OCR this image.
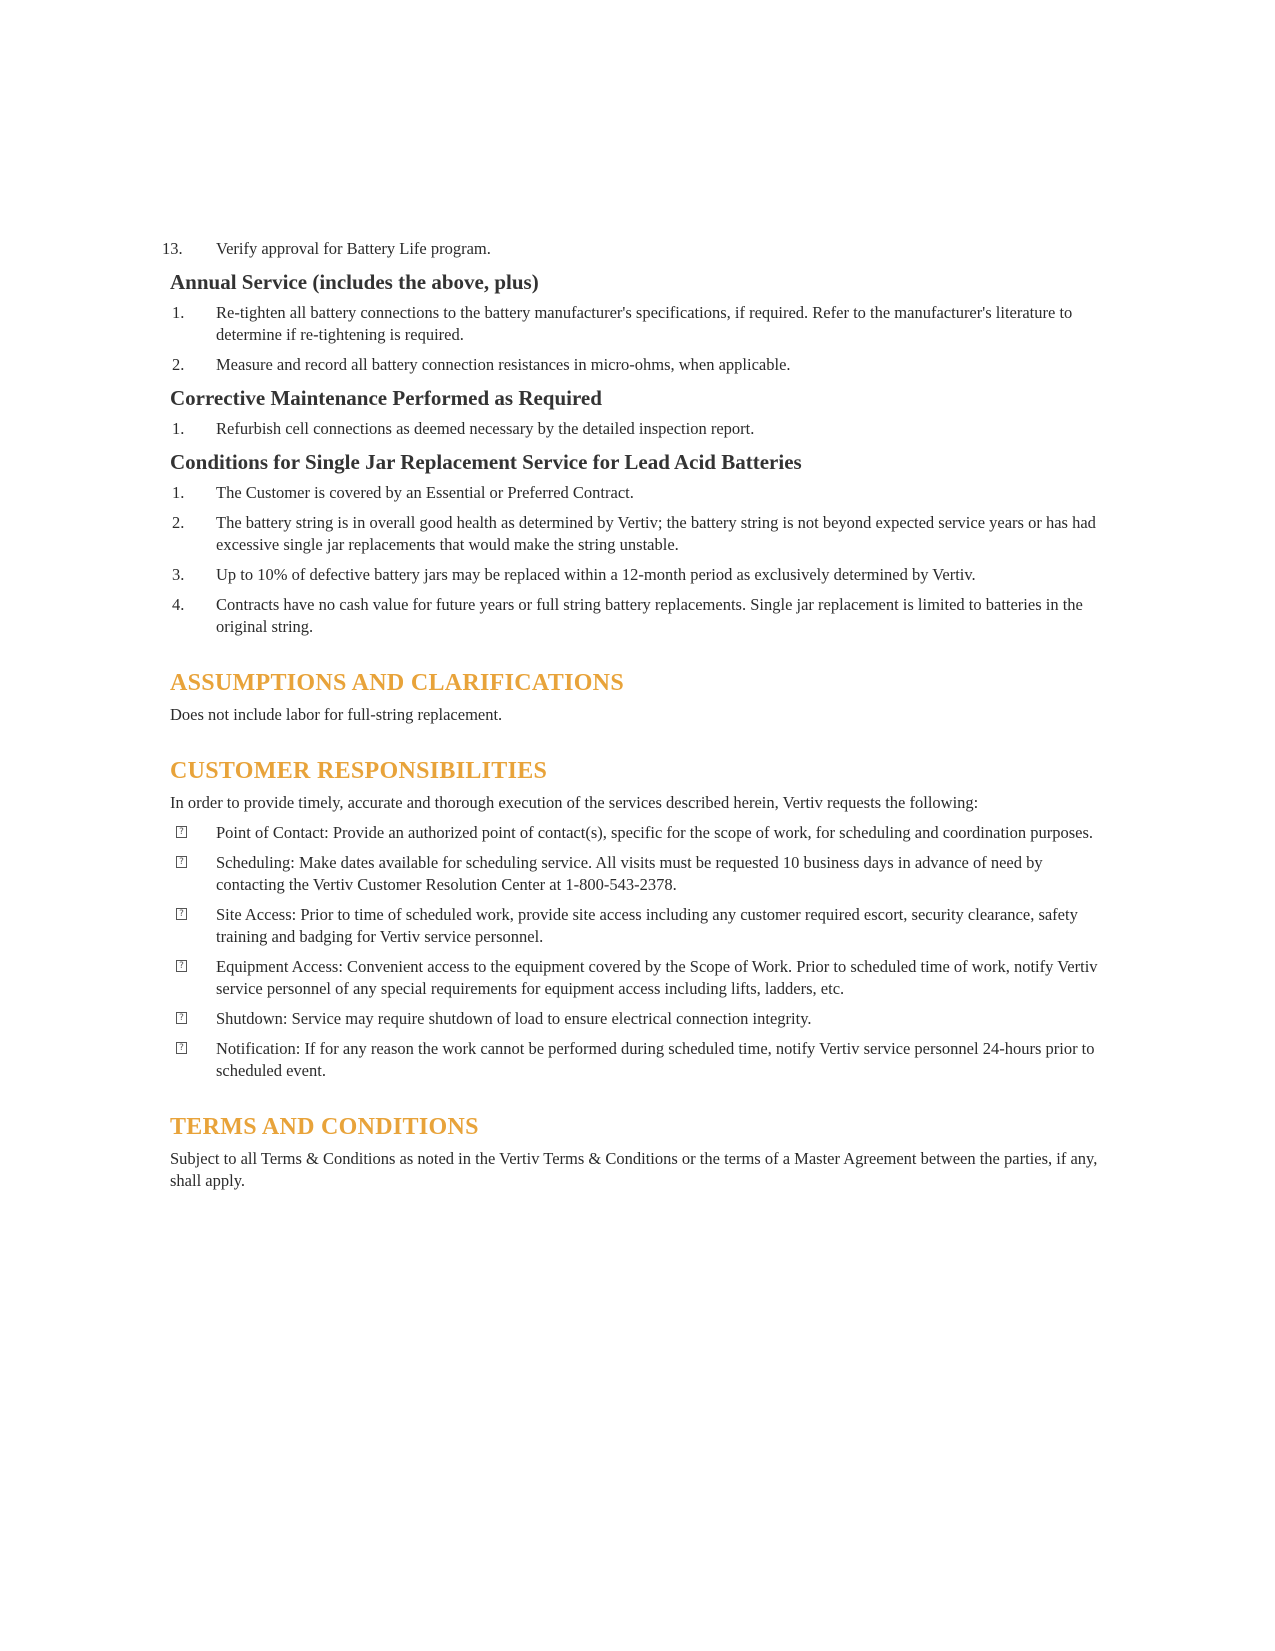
13.	Verify approval for Battery Life program.
Annual Service (includes the above, plus)
1.	Re-tighten all battery connections to the battery manufacturer's specifications, if required. Refer to the manufacturer's literature to determine if re-tightening is required.
2.	Measure and record all battery connection resistances in micro-ohms, when applicable.
Corrective Maintenance Performed as Required
1.	Refurbish cell connections as deemed necessary by the detailed inspection report.
Conditions for Single Jar Replacement Service for Lead Acid Batteries
1.	The Customer is covered by an Essential or Preferred Contract.
2.	The battery string is in overall good health as determined by Vertiv; the battery string is not beyond expected service years or has had excessive single jar replacements that would make the string unstable.
3.	Up to 10% of defective battery jars may be replaced within a 12-month period as exclusively determined by Vertiv.
4.	Contracts have no cash value for future years or full string battery replacements. Single jar replacement is limited to batteries in the original string.
ASSUMPTIONS AND CLARIFICATIONS
Does not include labor for full-string replacement.
CUSTOMER RESPONSIBILITIES
In order to provide timely, accurate and thorough execution of the services described herein, Vertiv requests the following:
? Point of Contact: Provide an authorized point of contact(s), specific for the scope of work, for scheduling and coordination purposes.
? Scheduling: Make dates available for scheduling service. All visits must be requested 10 business days in advance of need by contacting the Vertiv Customer Resolution Center at 1-800-543-2378.
? Site Access: Prior to time of scheduled work, provide site access including any customer required escort, security clearance, safety training and badging for Vertiv service personnel.
? Equipment Access: Convenient access to the equipment covered by the Scope of Work. Prior to scheduled time of work, notify Vertiv service personnel of any special requirements for equipment access including lifts, ladders, etc.
? Shutdown: Service may require shutdown of load to ensure electrical connection integrity.
? Notification: If for any reason the work cannot be performed during scheduled time, notify Vertiv service personnel 24-hours prior to scheduled event.
TERMS AND CONDITIONS
Subject to all Terms & Conditions as noted in the Vertiv Terms & Conditions or the terms of a Master Agreement between the parties, if any, shall apply.
